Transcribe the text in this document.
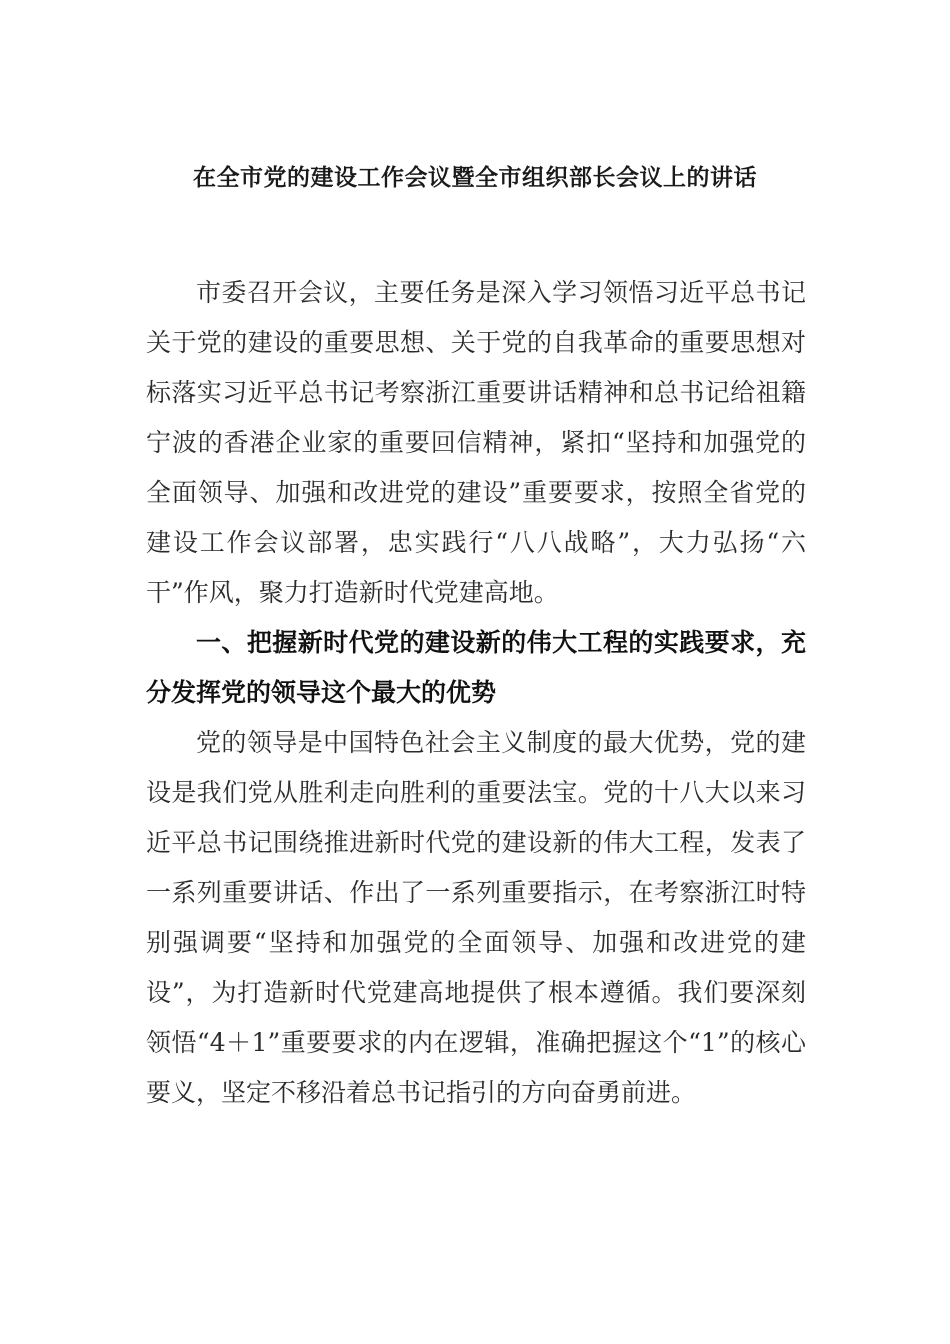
在全市党的建设工作会议暨全市组织部长会议上的讲话

市委召开会议，主要任务是深入学习领悟习近平总书记关于党的建设的重要思想、关于党的自我革命的重要思想对标落实习近平总书记考察浙江重要讲话精神和总书记给祖籍宁波的香港企业家的重要回信精神，紧扣“坚持和加强党的全面领导、加强和改进党的建设”重要要求，按照全省党的建设工作会议部署，忠实践行“八八战略”，大力弘扬“六干”作风，聚力打造新时代党建高地。

一、把握新时代党的建设新的伟大工程的实践要求，充分发挥党的领导这个最大的优势

党的领导是中国特色社会主义制度的最大优势，党的建设是我们党从胜利走向胜利的重要法宝。党的十八大以来习近平总书记围绕推进新时代党的建设新的伟大工程，发表了一系列重要讲话、作出了一系列重要指示，在考察浙江时特别强调要“坚持和加强党的全面领导、加强和改进党的建设”，为打造新时代党建高地提供了根本遵循。我们要深刻领悟“4＋1”重要要求的内在逻辑，准确把握这个“1”的核心要义，坚定不移沿着总书记指引的方向奋勇前进。
